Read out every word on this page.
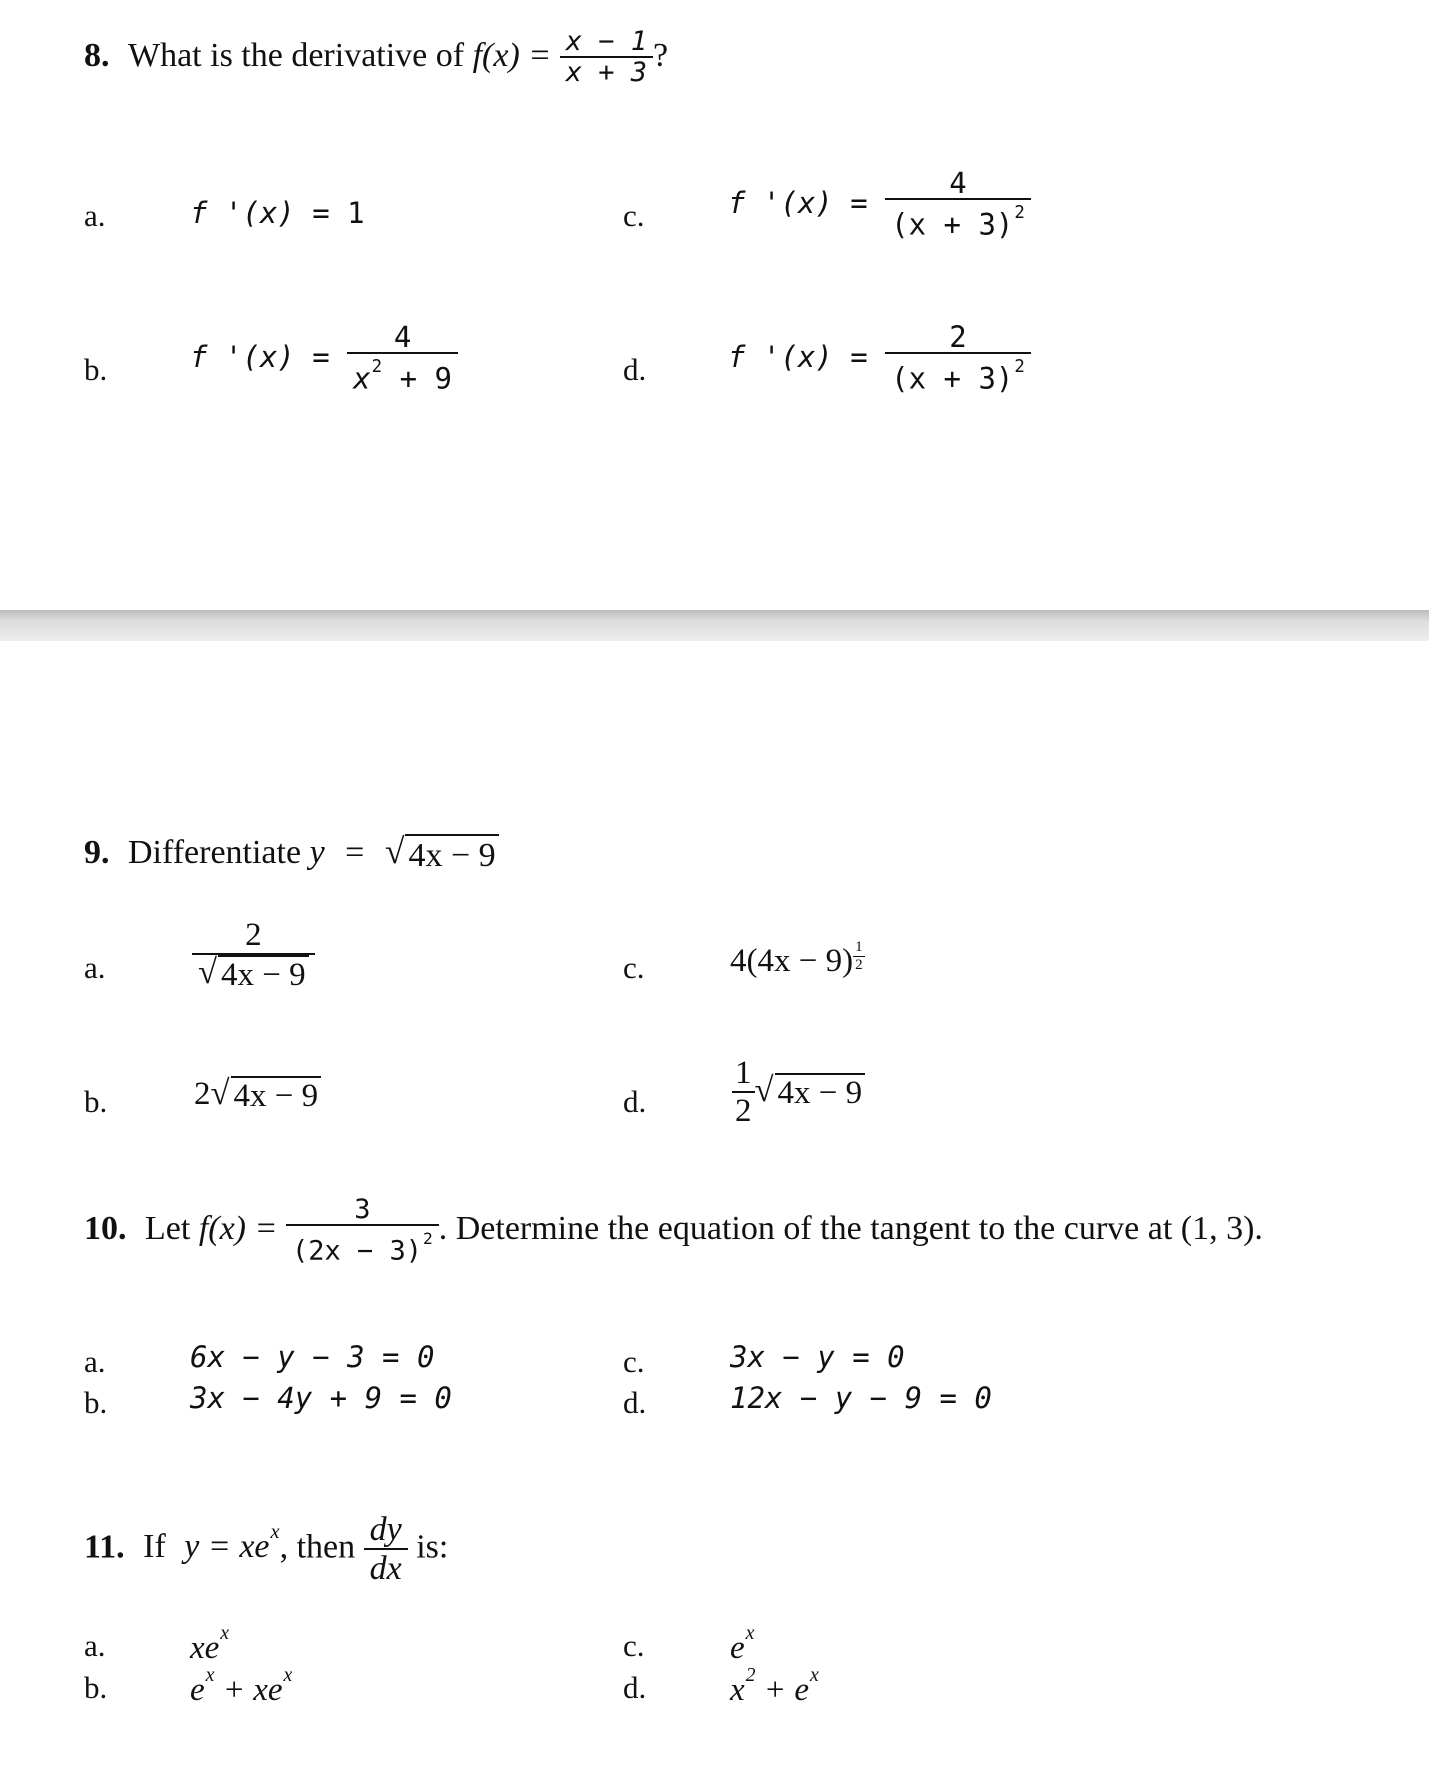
8. What is the derivative of $f(x) = \frac{x - 1}{x + 3}$ ?
a.	f '(x) = 1	c.	f '$(x) = \frac{4}{(x + 3)^2}$
b.	f '$(x) = \frac{4}{x^2 + 9}$	d.	f '$(x) = \frac{2}{(x + 3)^2}$
9. Differentiate y = √ 4x − 9
a.	$\frac{2}{√ 4x - 9}$	c.	$4(4x - 9) \frac{1}{2}$
b.	2 √ 4x − 9	d.	$\frac{1}{2}$ √ 4x − 9
10. Let $f(x) = \frac{3}{(2x - 3)^2}$ . Determine the equation of the tangent to the curve at (1, 3).
a.	6x − y − 3 = 0	c.	3x − y = 0
b.	3x − 4y + 9 = 0	d.	12x − y − 9 = 0
11. If $y = xe^x$, then $\frac{dy}{dx}$ is:
a.	$xe^x$	c.	$e^x$
b.	$e^x + xe^x$	d.	$x^2 + e^x$
